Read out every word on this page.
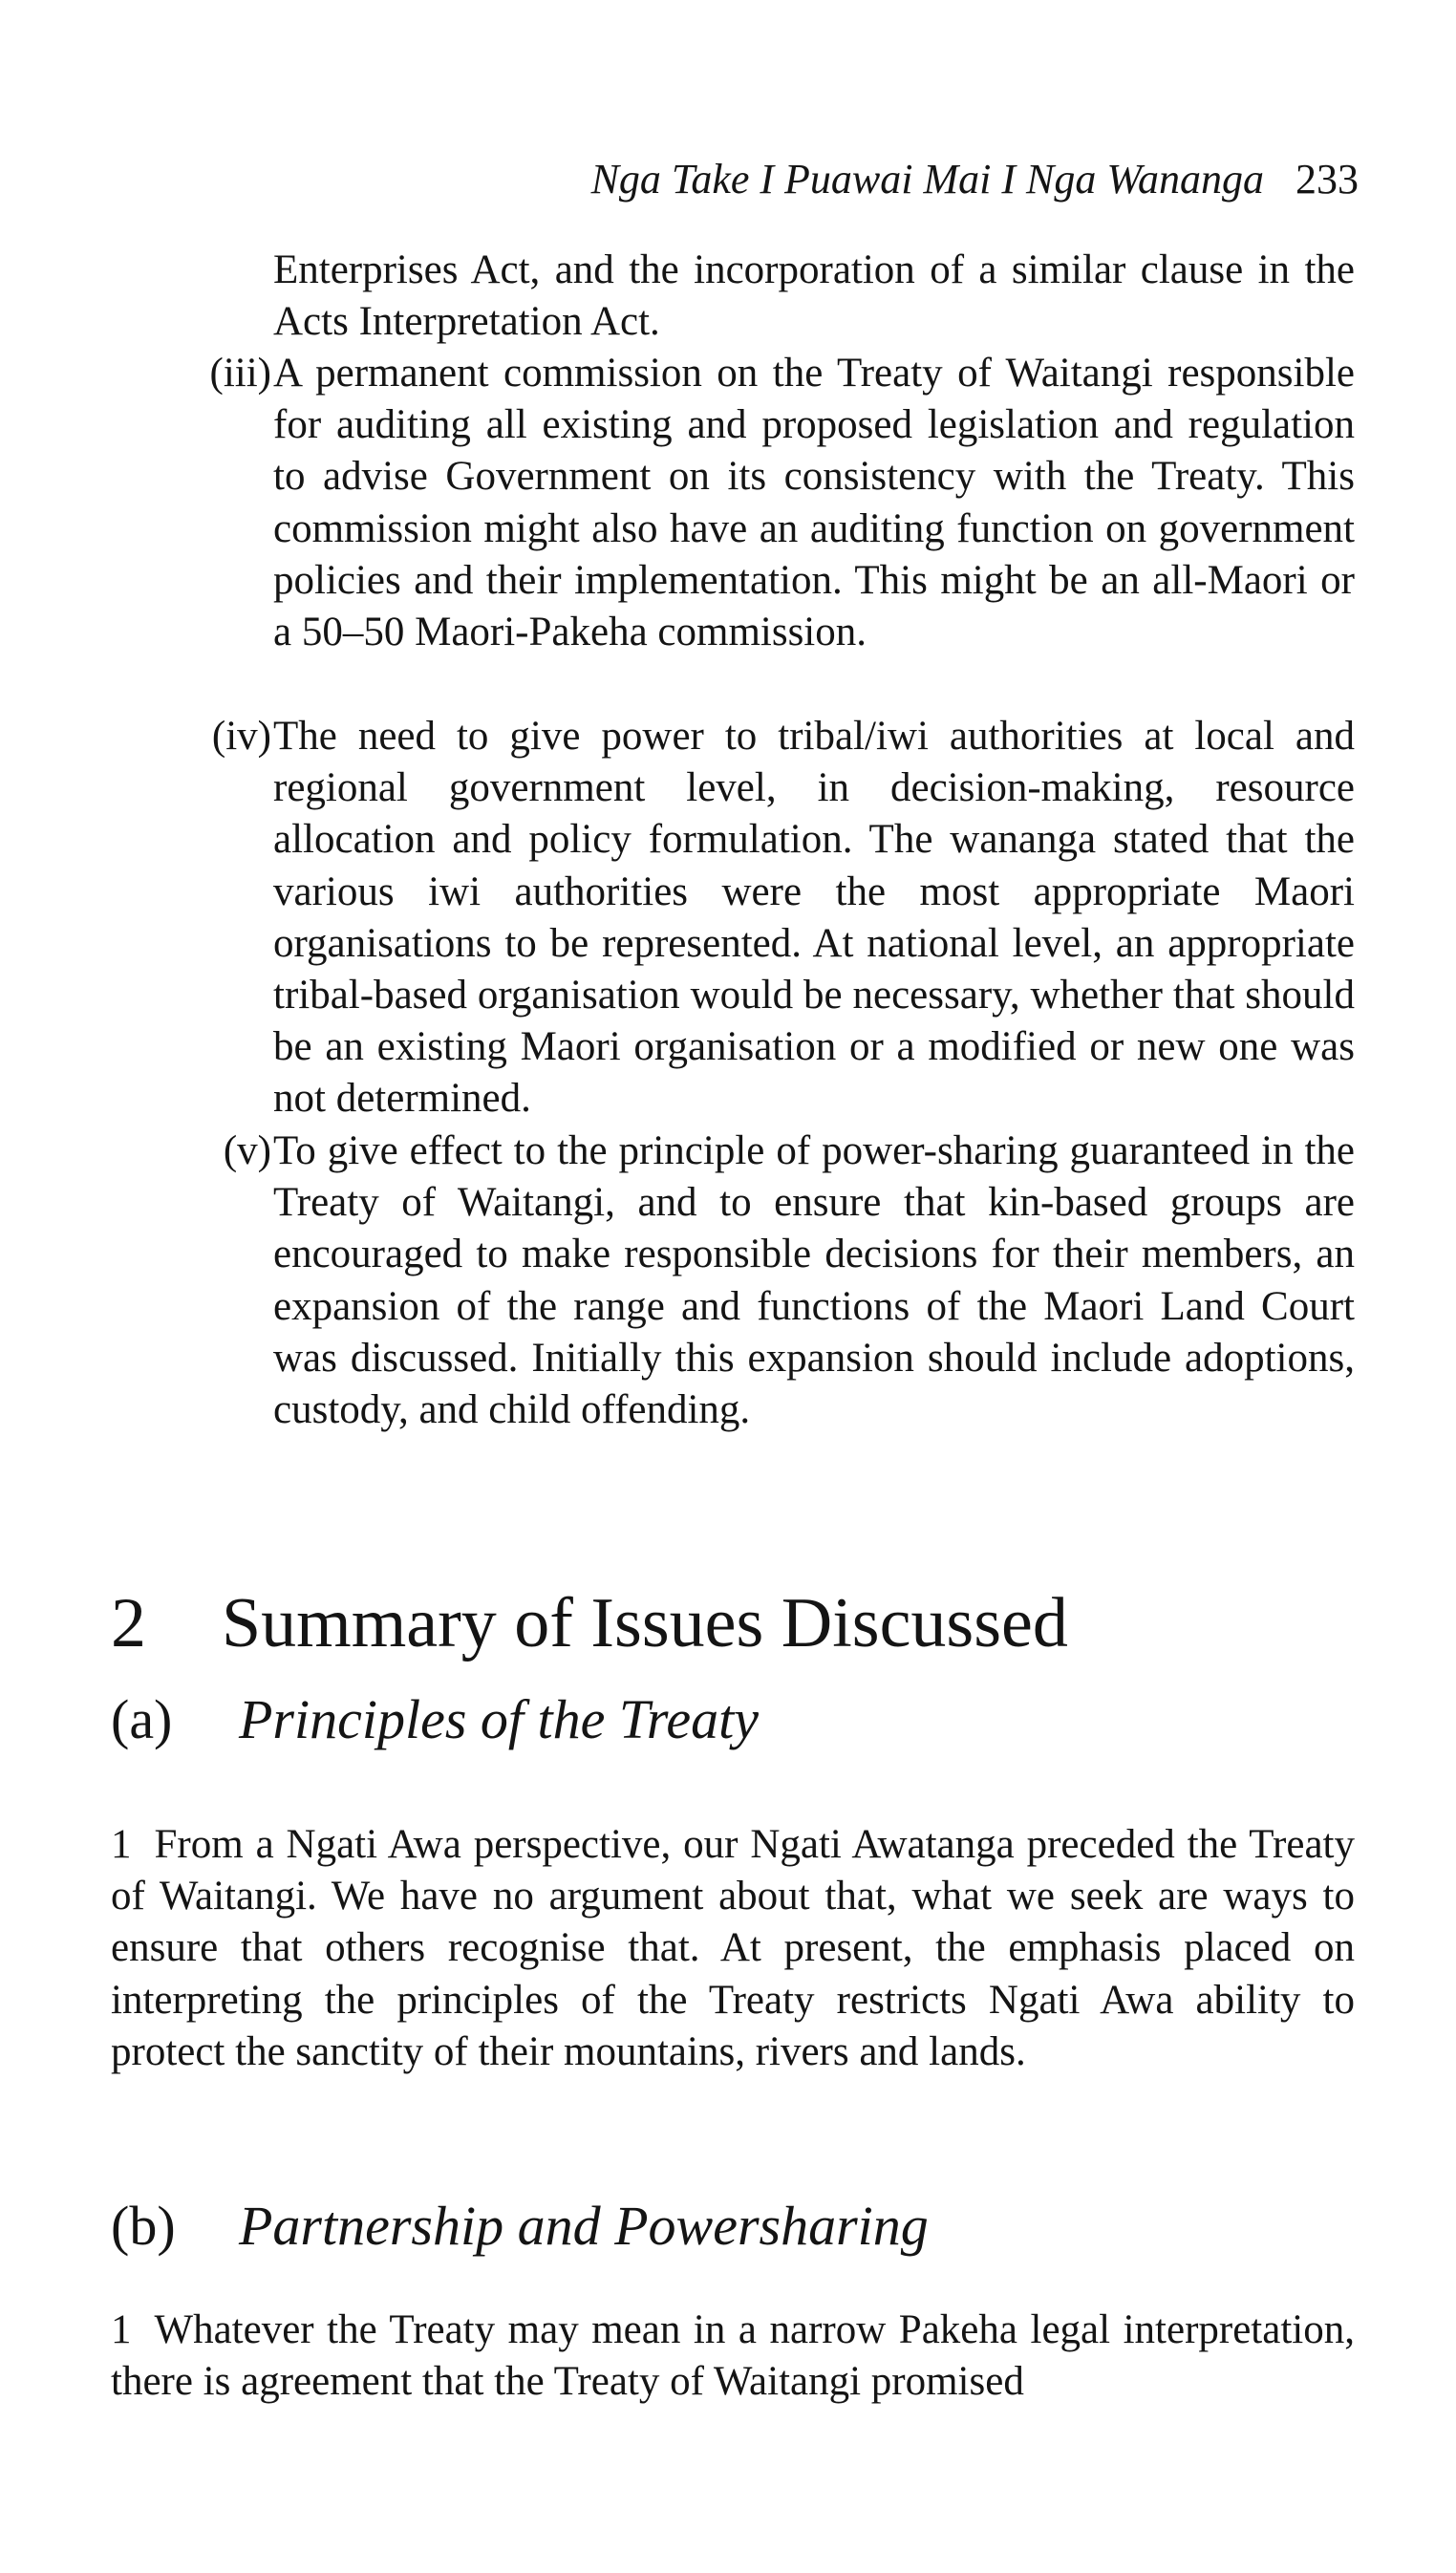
Nga Take I Puawai Mai I Nga Wananga 233
Enterprises Act, and the incorporation of a similar clause in the Acts Interpretation Act.
(iii) A permanent commission on the Treaty of Waitangi responsible for auditing all existing and proposed legislation and regulation to advise Government on its consistency with the Treaty. This commission might also have an auditing function on government policies and their implementation. This might be an all-Maori or a 50–50 Maori-Pakeha commission.
(iv) The need to give power to tribal/iwi authorities at local and regional government level, in decision-making, resource allocation and policy formulation. The wananga stated that the various iwi authorities were the most appropriate Maori organisations to be represented. At national level, an appropriate tribal-based organisation would be necessary, whether that should be an existing Maori organisation or a modified or new one was not determined.
(v) To give effect to the principle of power-sharing guaranteed in the Treaty of Waitangi, and to ensure that kin-based groups are encouraged to make responsible decisions for their members, an expansion of the range and functions of the Maori Land Court was discussed. Initially this expansion should include adoptions, custody, and child offending.
2 Summary of Issues Discussed
(a) Principles of the Treaty
1 From a Ngati Awa perspective, our Ngati Awatanga preceded the Treaty of Waitangi. We have no argument about that, what we seek are ways to ensure that others recognise that. At present, the emphasis placed on interpreting the principles of the Treaty restricts Ngati Awa ability to protect the sanctity of their mountains, rivers and lands.
(b) Partnership and Powersharing
1 Whatever the Treaty may mean in a narrow Pakeha legal interpretation, there is agreement that the Treaty of Waitangi promised
